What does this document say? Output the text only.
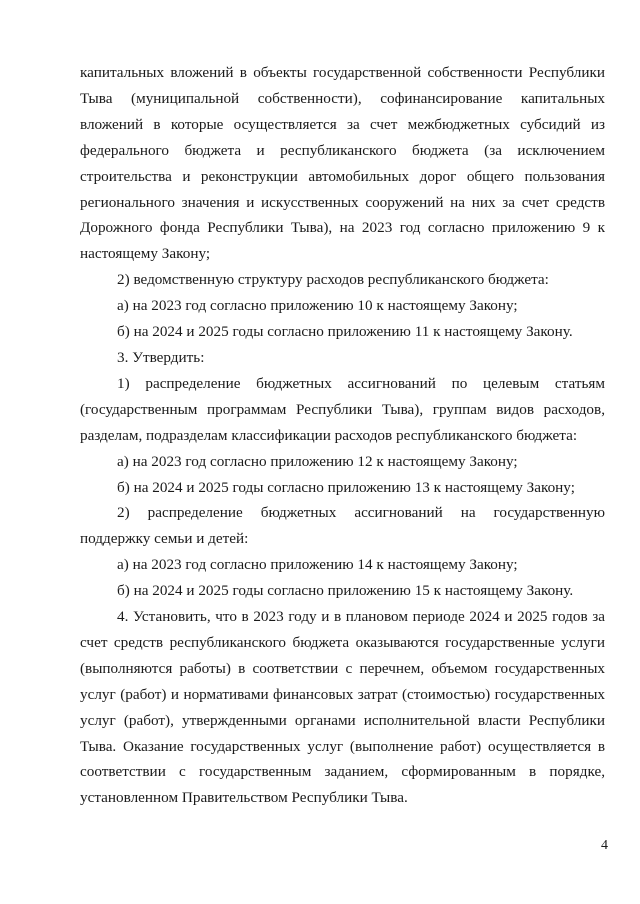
капитальных вложений в объекты государственной собственности Республики Тыва (муниципальной собственности), софинансирование капитальных вложений в которые осуществляется за счет межбюджетных субсидий из федерального бюджета и республиканского бюджета (за исключением строительства и реконструкции автомобильных дорог общего пользования регионального значения и искусственных сооружений на них за счет средств Дорожного фонда Республики Тыва), на 2023 год согласно приложению 9 к настоящему Закону;

2) ведомственную структуру расходов республиканского бюджета:

а) на 2023 год согласно приложению 10 к настоящему Закону;

б) на 2024 и 2025 годы согласно приложению 11 к настоящему Закону.

3. Утвердить:

1) распределение бюджетных ассигнований по целевым статьям (государственным программам Республики Тыва), группам видов расходов, разделам, подразделам классификации расходов республиканского бюджета:

а) на 2023 год согласно приложению 12 к настоящему Закону;

б) на 2024 и 2025 годы согласно приложению 13 к настоящему Закону;

2) распределение бюджетных ассигнований на государственную поддержку семьи и детей:

а) на 2023 год согласно приложению 14 к настоящему Закону;

б) на 2024 и 2025 годы согласно приложению 15 к настоящему Закону.

4. Установить, что в 2023 году и в плановом периоде 2024 и 2025 годов за счет средств республиканского бюджета оказываются государственные услуги (выполняются работы) в соответствии с перечнем, объемом государственных услуг (работ) и нормативами финансовых затрат (стоимостью) государственных услуг (работ), утвержденными органами исполнительной власти Республики Тыва. Оказание государственных услуг (выполнение работ) осуществляется в соответствии с государственным заданием, сформированным в порядке, установленном Правительством Республики Тыва.

4
